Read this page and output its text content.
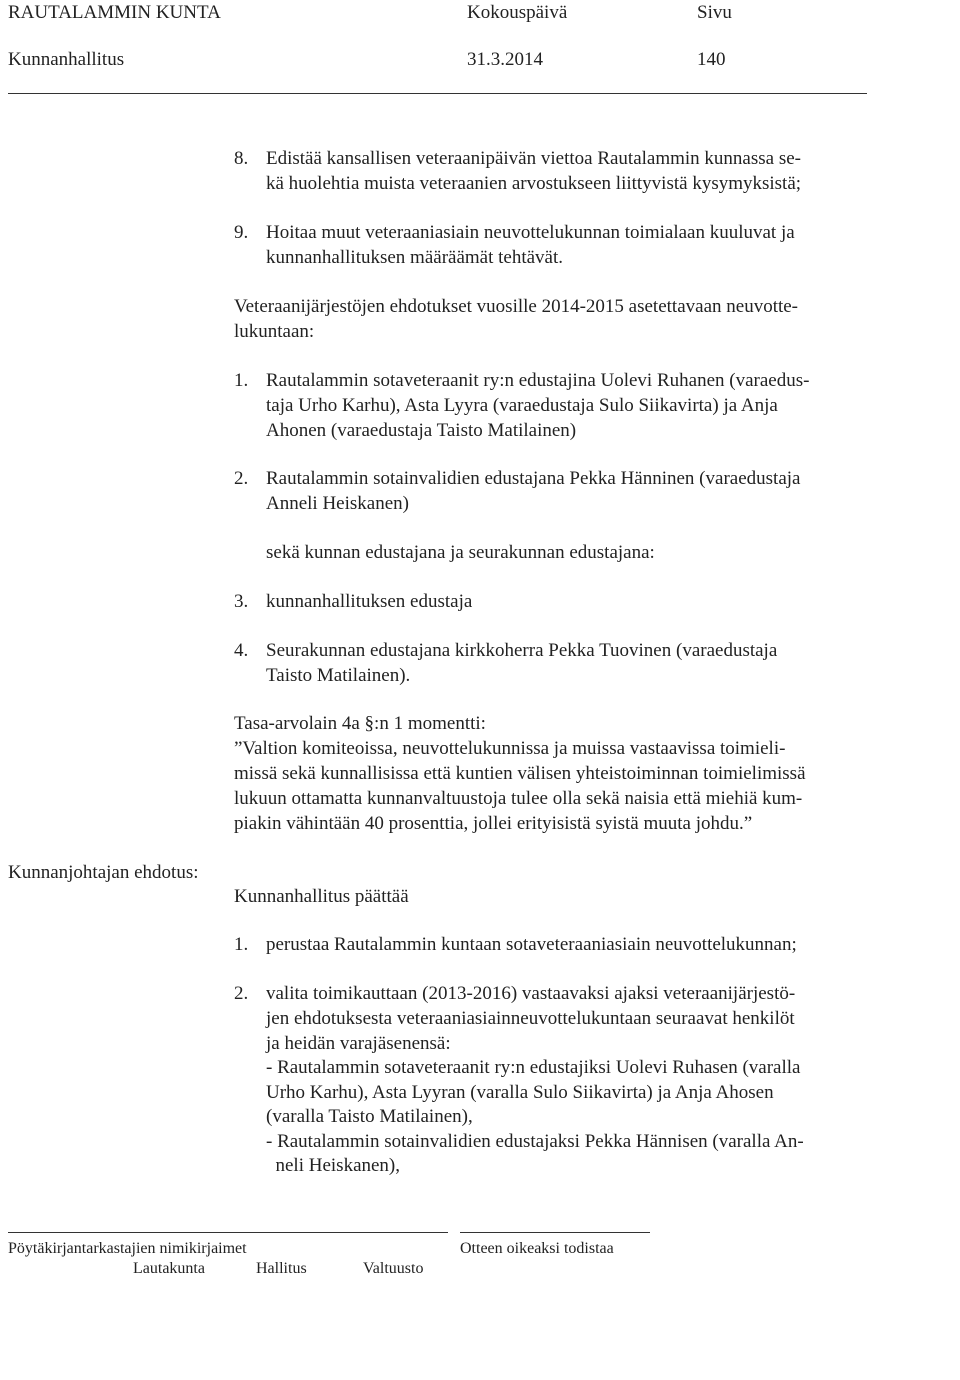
RAUTALAMMIN KUNTA	Kokouspäivä	Sivu
Kunnanhallitus	31.3.2014	140
8. Edistää kansallisen veteraanipäivän viettoa Rautalammin kunnassa se-
kä huolehtia muista veteraanien arvostukseen liittyvistä kysymyksistä;
9. Hoitaa muut veteraaniasiain neuvottelukunnan toimialaan kuuluvat ja
kunnanhallituksen määräämät tehtävät.
Veteraanijärjestöjen ehdotukset vuosille 2014-2015 asetettavaan neuvotte-
lukuntaan:
1. Rautalammin sotaveteraanit ry:n edustajina Uolevi Ruhanen (varaedus-
taja Urho Karhu), Asta Lyyra (varaedustaja Sulo Siikavirta) ja Anja
Ahonen (varaedustaja Taisto Matilainen)
2. Rautalammin sotainvalidien edustajana Pekka Hänninen (varaedustaja
Anneli Heiskanen)
sekä kunnan edustajana ja seurakunnan edustajana:
3. kunnanhallituksen edustaja
4. Seurakunnan edustajana kirkkoherra Pekka Tuovinen (varaedustaja
Taisto Matilainen).
Tasa-arvolain 4a §:n 1 momentti:
”Valtion komiteoissa, neuvottelukunnissa ja muissa vastaavissa toimieli-
missä sekä kunnallisissa että kuntien välisen yhteistoiminnan toimielimissä
lukuun ottamatta kunnanvaltuustoja tulee olla sekä naisia että miehiä kum-
piakin vähintään 40 prosenttia, jollei erityisistä syistä muuta johdu.”
Kunnanjohtajan ehdotus:
Kunnanhallitus päättää
1. perustaa Rautalammin kuntaan sotaveteraaniasiain neuvottelukunnan;
2. valita toimikauttaan (2013-2016) vastaavaksi ajaksi veteraanijärjestö-
jen ehdotuksesta veteraaniasiainneuvottelukuntaan seuraavat henkilöt
ja heidän varajäsenensä:
- Rautalammin sotaveteraanit ry:n edustajiksi Uolevi Ruhasen (varalla
Urho Karhu), Asta Lyyran (varalla Sulo Siikavirta) ja Anja Ahosen
(varalla Taisto Matilainen),
- Rautalammin sotainvalidien edustajaksi Pekka Hännisen (varalla An-
neli Heiskanen),
Pöytäkirjantarkastajien nimikirjaimet	Otteen oikeaksi todistaa
Lautakunta	Hallitus	Valtuusto
